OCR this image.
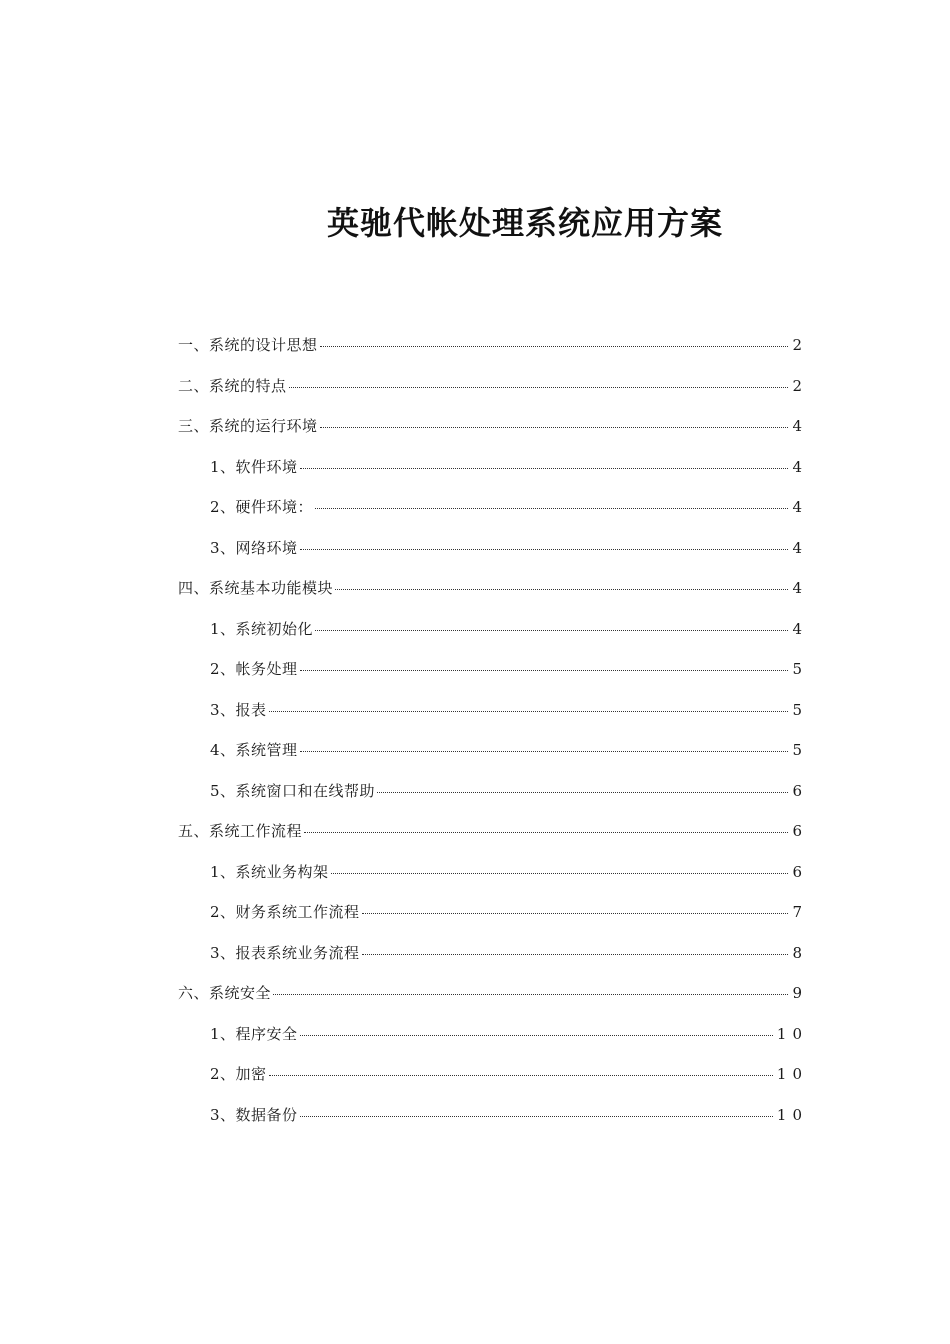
英驰代帐处理系统应用方案
一、系统的设计思想	2
二、系统的特点	2
三、系统的运行环境	4
1、软件环境	4
2、硬件环境：	4
3、网络环境	4
四、系统基本功能模块	4
1、系统初始化	4
2、帐务处理	5
3、报表	5
4、系统管理	5
5、系统窗口和在线帮助	6
五、系统工作流程	6
1、系统业务构架	6
2、财务系统工作流程	7
3、报表系统业务流程	8
六、系统安全	9
1、程序安全	10
2、加密	10
3、数据备份	10
